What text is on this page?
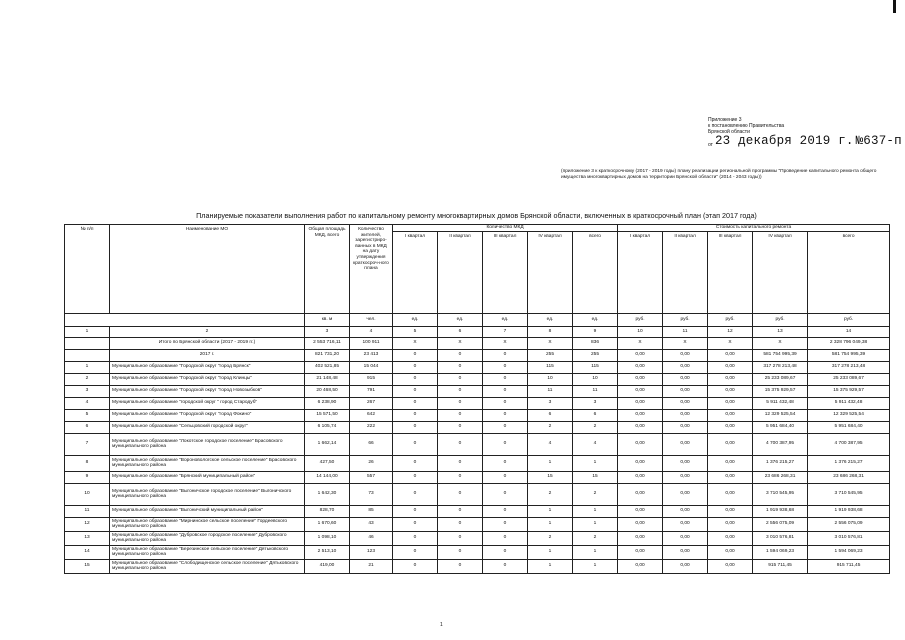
Приложение 3
к постановлению Правительства
Брянской области
от 23 декабря 2019 г. №637-п
(приложение 3 к краткосрочному (2017 - 2019 годы) плану реализации региональной программы "Проведение капитального ремонта общего имущества многоквартирных домов на территории Брянской области" (2014 - 2043 годы))
Планируемые показатели выполнения работ по капитальному ремонту многоквартирных домов Брянской области, включенных в краткосрочный план (этап 2017 года)
№ п/п	Наименование МО	Общая площадь МКД, всего	Количество жителей, зарегистриро-ванных в МКД на дату утверждения краткосроч-ного плана	Количество МКД					Стоимость капитального ремонта				
				I квартал	II квартал	III квартал	IV квартал	всего	I квартал	II квартал	III квартал	IV квартал	всего
		кв. м	чел.	ед.	ед.	ед.	ед.	ед.	руб.	руб.	руб.	руб.	руб.
1	2	3	4	5	6	7	8	9	10	11	12	13	14
	Итого по Брянской области (2017 - 2019 гг.)	2 553 716,11	100 911	X	X	X	X	836	X	X	X	X	2 328 796 049,38
	2017 г.	821 731,20	23 413	0	0	0	255	255	0,00	0,00	0,00	581 754 995,39	581 754 995,39
1	Муниципальное образование "Городской округ "город Брянск"	402 521,85	15 044	0	0	0	115	115	0,00	0,00	0,00	317 278 213,48	317 278 213,48
2	Муниципальное образование "Городской округ "город Клинцы"	21 148,48	915	0	0	0	10	10	0,00	0,00	0,00	25 233 089,67	25 233 089,67
3	Муниципальное образование "Городской округ "город Новозыбков"	20 468,50	791	0	0	0	11	11	0,00	0,00	0,00	15 375 929,57	15 375 929,57
4	Муниципальное образование "городской округ " город Стародуб"	6 238,90	267	0	0	0	3	3	0,00	0,00	0,00	5 911 432,48	5 911 432,48
5	Муниципальное образование "Городской округ "город Фокино"	15 571,50	642	0	0	0	6	6	0,00	0,00	0,00	12 329 525,54	12 329 525,54
6	Муниципальное образование "Сельцовский городской округ"	6 105,74	222	0	0	0	2	2	0,00	0,00	0,00	5 951 684,40	5 951 684,40
7	Муниципальное образование "Локотское городское поселение" Брасовского муниципального района	1 662,14	66	0	0	0	4	4	0,00	0,00	0,00	4 700 387,95	4 700 387,95
8	Муниципальное образование "Вороновологское сельское поселение" Брасовского муниципального района	427,50	26	0	0	0	1	1	0,00	0,00	0,00	1 376 215,27	1 376 215,27
9	Муниципальное образование "Брянский муниципальный район"	14 144,00	557	0	0	0	15	15	0,00	0,00	0,00	23 686 268,31	23 686 268,31
10	Муниципальное образование "Выгоничское городское поселение" Выгоничского муниципального района	1 642,30	73	0	0	0	2	2	0,00	0,00	0,00	3 710 545,95	3 710 545,95
11	Муниципальное образование "Выгоничский муниципальный район"	828,70	85	0	0	0	1	1	0,00	0,00	0,00	1 919 938,68	1 919 938,68
12	Муниципальное образование "Мирнинское сельское поселение" Гордеевского муниципального района	1 670,60	43	0	0	0	1	1	0,00	0,00	0,00	2 556 075,09	2 556 075,09
13	Муниципальное образование "Дубровское городское поселение" Дубровского муниципального района	1 098,10	46	0	0	0	2	2	0,00	0,00	0,00	3 010 576,81	3 010 576,81
14	Муниципальное образование "Березинское сельское поселение" Дятьковского муниципального района	2 513,10	123	0	0	0	1	1	0,00	0,00	0,00	1 594 069,23	1 594 069,23
15	Муниципальное образование "Слободищенское сельское поселение" Дятьковского муниципального района	419,00	21	0	0	0	1	1	0,00	0,00	0,00	915 711,45	915 711,45
1
